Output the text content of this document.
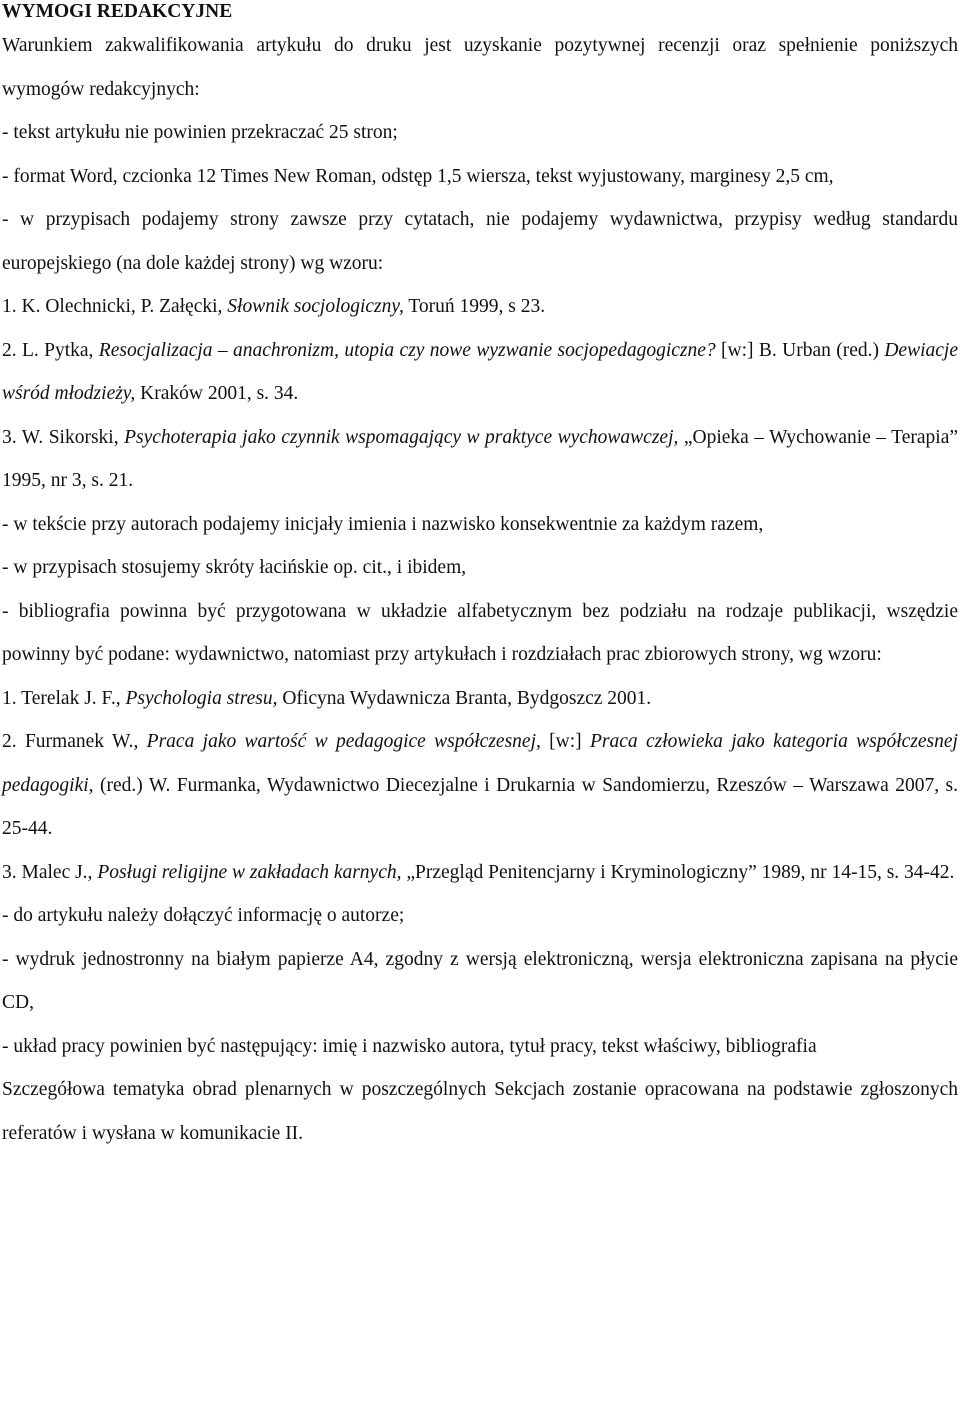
WYMOGI REDAKCYJNE

Warunkiem zakwalifikowania artykułu do druku jest uzyskanie pozytywnej recenzji oraz spełnienie poniższych wymogów redakcyjnych:

- tekst artykułu nie powinien przekraczać 25 stron;

- format Word, czcionka 12 Times New Roman, odstęp 1,5 wiersza, tekst wyjustowany, marginesy 2,5 cm,

- w przypisach podajemy strony zawsze przy cytatach, nie podajemy wydawnictwa, przypisy według standardu europejskiego (na dole każdej strony) wg wzoru:

1. K. Olechnicki, P. Załęcki, Słownik socjologiczny, Toruń 1999, s 23.

2. L. Pytka, Resocjalizacja – anachronizm, utopia czy nowe wyzwanie socjopedagogiczne? [w:] B. Urban (red.) Dewiacje wśród młodzieży, Kraków 2001, s. 34.

3. W. Sikorski, Psychoterapia jako czynnik wspomagający w praktyce wychowawczej, „Opieka – Wychowanie – Terapia” 1995, nr 3, s. 21.

- w tekście przy autorach podajemy inicjały imienia i nazwisko konsekwentnie za każdym razem,

- w przypisach stosujemy skróty łacińskie op. cit., i ibidem,

- bibliografia powinna być przygotowana w układzie alfabetycznym bez podziału na rodzaje publikacji, wszędzie powinny być podane: wydawnictwo, natomiast przy artykułach i rozdziałach prac zbiorowych strony, wg wzoru:

1. Terelak J. F., Psychologia stresu, Oficyna Wydawnicza Branta, Bydgoszcz 2001.

2. Furmanek W., Praca jako wartość w pedagogice współczesnej, [w:] Praca człowieka jako kategoria współczesnej pedagogiki, (red.) W. Furmanka, Wydawnictwo Diecezjalne i Drukarnia w Sandomierzu, Rzeszów – Warszawa 2007, s. 25-44.

3. Malec J., Posługi religijne w zakładach karnych, „Przegląd Penitencjarny i Kryminologiczny” 1989, nr 14-15, s. 34-42.

- do artykułu należy dołączyć informację o autorze;

- wydruk jednostronny na białym papierze A4, zgodny z wersją elektroniczną, wersja elektroniczna zapisana na płycie CD,

- układ pracy powinien być następujący: imię i nazwisko autora, tytuł pracy, tekst właściwy, bibliografia

Szczegółowa tematyka obrad plenarnych w poszczególnych Sekcjach zostanie opracowana na podstawie zgłoszonych referatów i wysłana w komunikacie II.
